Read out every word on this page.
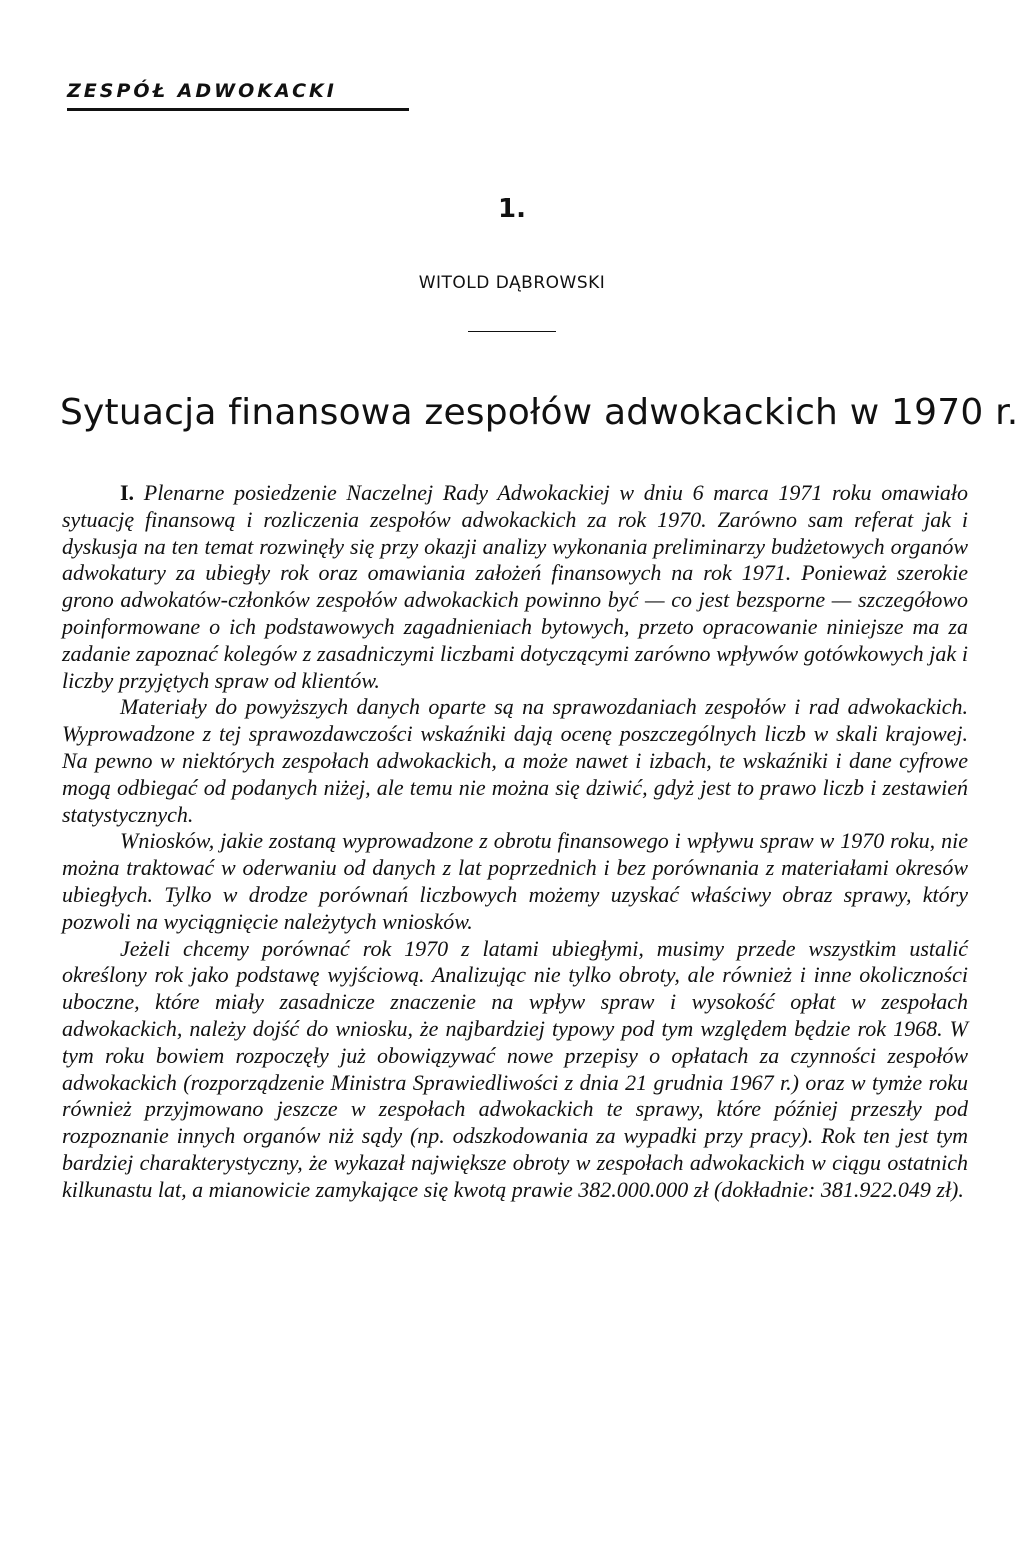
ZESPÓŁ ADWOKACKI
1.
WITOLD DĄBROWSKI
Sytuacja finansowa zespołów adwokackich w 1970 r.

I. Plenarne posiedzenie Naczelnej Rady Adwokackiej w dniu 6 marca 1971 roku omawiało sytuację finansową i rozliczenia zespołów adwokackich za rok 1970. Zarówno sam referat jak i dyskusja na ten temat rozwinęły się przy okazji analizy wykonania preliminarzy budżetowych organów adwokatury za ubiegły rok oraz omawiania założeń finansowych na rok 1971. Ponieważ szerokie grono adwokatów-członków zespołów adwokackich powinno być — co jest bezsporne — szczegółowo poinformowane o ich podstawowych zagadnieniach bytowych, przeto opracowanie niniejsze ma za zadanie zapoznać kolegów z zasadniczymi liczbami dotyczącymi zarówno wpływów gotówkowych jak i liczby przyjętych spraw od klientów.

Materiały do powyższych danych oparte są na sprawozdaniach zespołów i rad adwokackich. Wyprowadzone z tej sprawozdawczości wskaźniki dają ocenę poszczególnych liczb w skali krajowej. Na pewno w niektórych zespołach adwokackich, a może nawet i izbach, te wskaźniki i dane cyfrowe mogą odbiegać od podanych niżej, ale temu nie można się dziwić, gdyż jest to prawo liczb i zestawień statystycznych.

Wniosków, jakie zostaną wyprowadzone z obrotu finansowego i wpływu spraw w 1970 roku, nie można traktować w oderwaniu od danych z lat poprzednich i bez porównania z materiałami okresów ubiegłych. Tylko w drodze porównań liczbowych możemy uzyskać właściwy obraz sprawy, który pozwoli na wyciągnięcie należytych wniosków.

Jeżeli chcemy porównać rok 1970 z latami ubiegłymi, musimy przede wszystkim ustalić określony rok jako podstawę wyjściową. Analizując nie tylko obroty, ale również i inne okoliczności uboczne, które miały zasadnicze znaczenie na wpływ spraw i wysokość opłat w zespołach adwokackich, należy dojść do wniosku, że najbardziej typowy pod tym względem będzie rok 1968. W tym roku bowiem rozpoczęły już obowiązywać nowe przepisy o opłatach za czynności zespołów adwokackich (rozporządzenie Ministra Sprawiedliwości z dnia 21 grudnia 1967 r.) oraz w tymże roku również przyjmowano jeszcze w zespołach adwokackich te sprawy, które później przeszły pod rozpoznanie innych organów niż sądy (np. odszkodowania za wypadki przy pracy). Rok ten jest tym bardziej charakterystyczny, że wykazał największe obroty w zespołach adwokackich w ciągu ostatnich kilkunastu lat, a mianowicie zamykające się kwotą prawie 382.000.000 zł (dokładnie: 381.922.049 zł).
